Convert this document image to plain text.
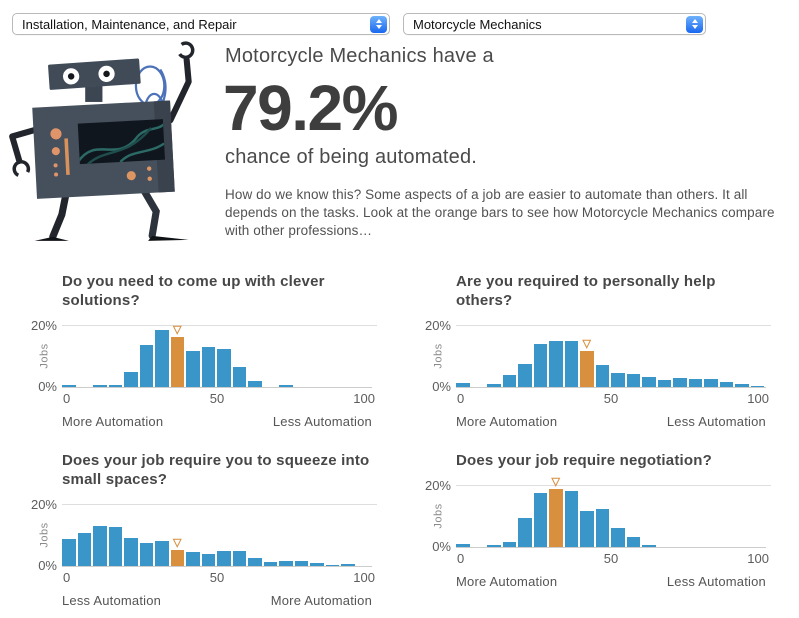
Installation, Maintenance, and Repair	Motorcycle Mechanics
Motorcycle Mechanics have a
79.2%
chance of being automated.

How do we know this? Some aspects of a job are easier to automate than others. It all depends on the tasks. Look at the orange bars to see how Motorcycle Mechanics compare with other professions…

Do you need to come up with clever solutions?
Jobs
20%
0%
▽
0	50	100
More Automation	Less Automation
Are you required to personally help others?
Jobs
20%
0%
▽
0	50	100
More Automation	Less Automation
Does your job require you to squeeze into small spaces?
Jobs
20%
0%
▽
0	50	100
Less Automation	More Automation
Does your job require negotiation?
Jobs
20%
0%
▽
0	50	100
More Automation	Less Automation
